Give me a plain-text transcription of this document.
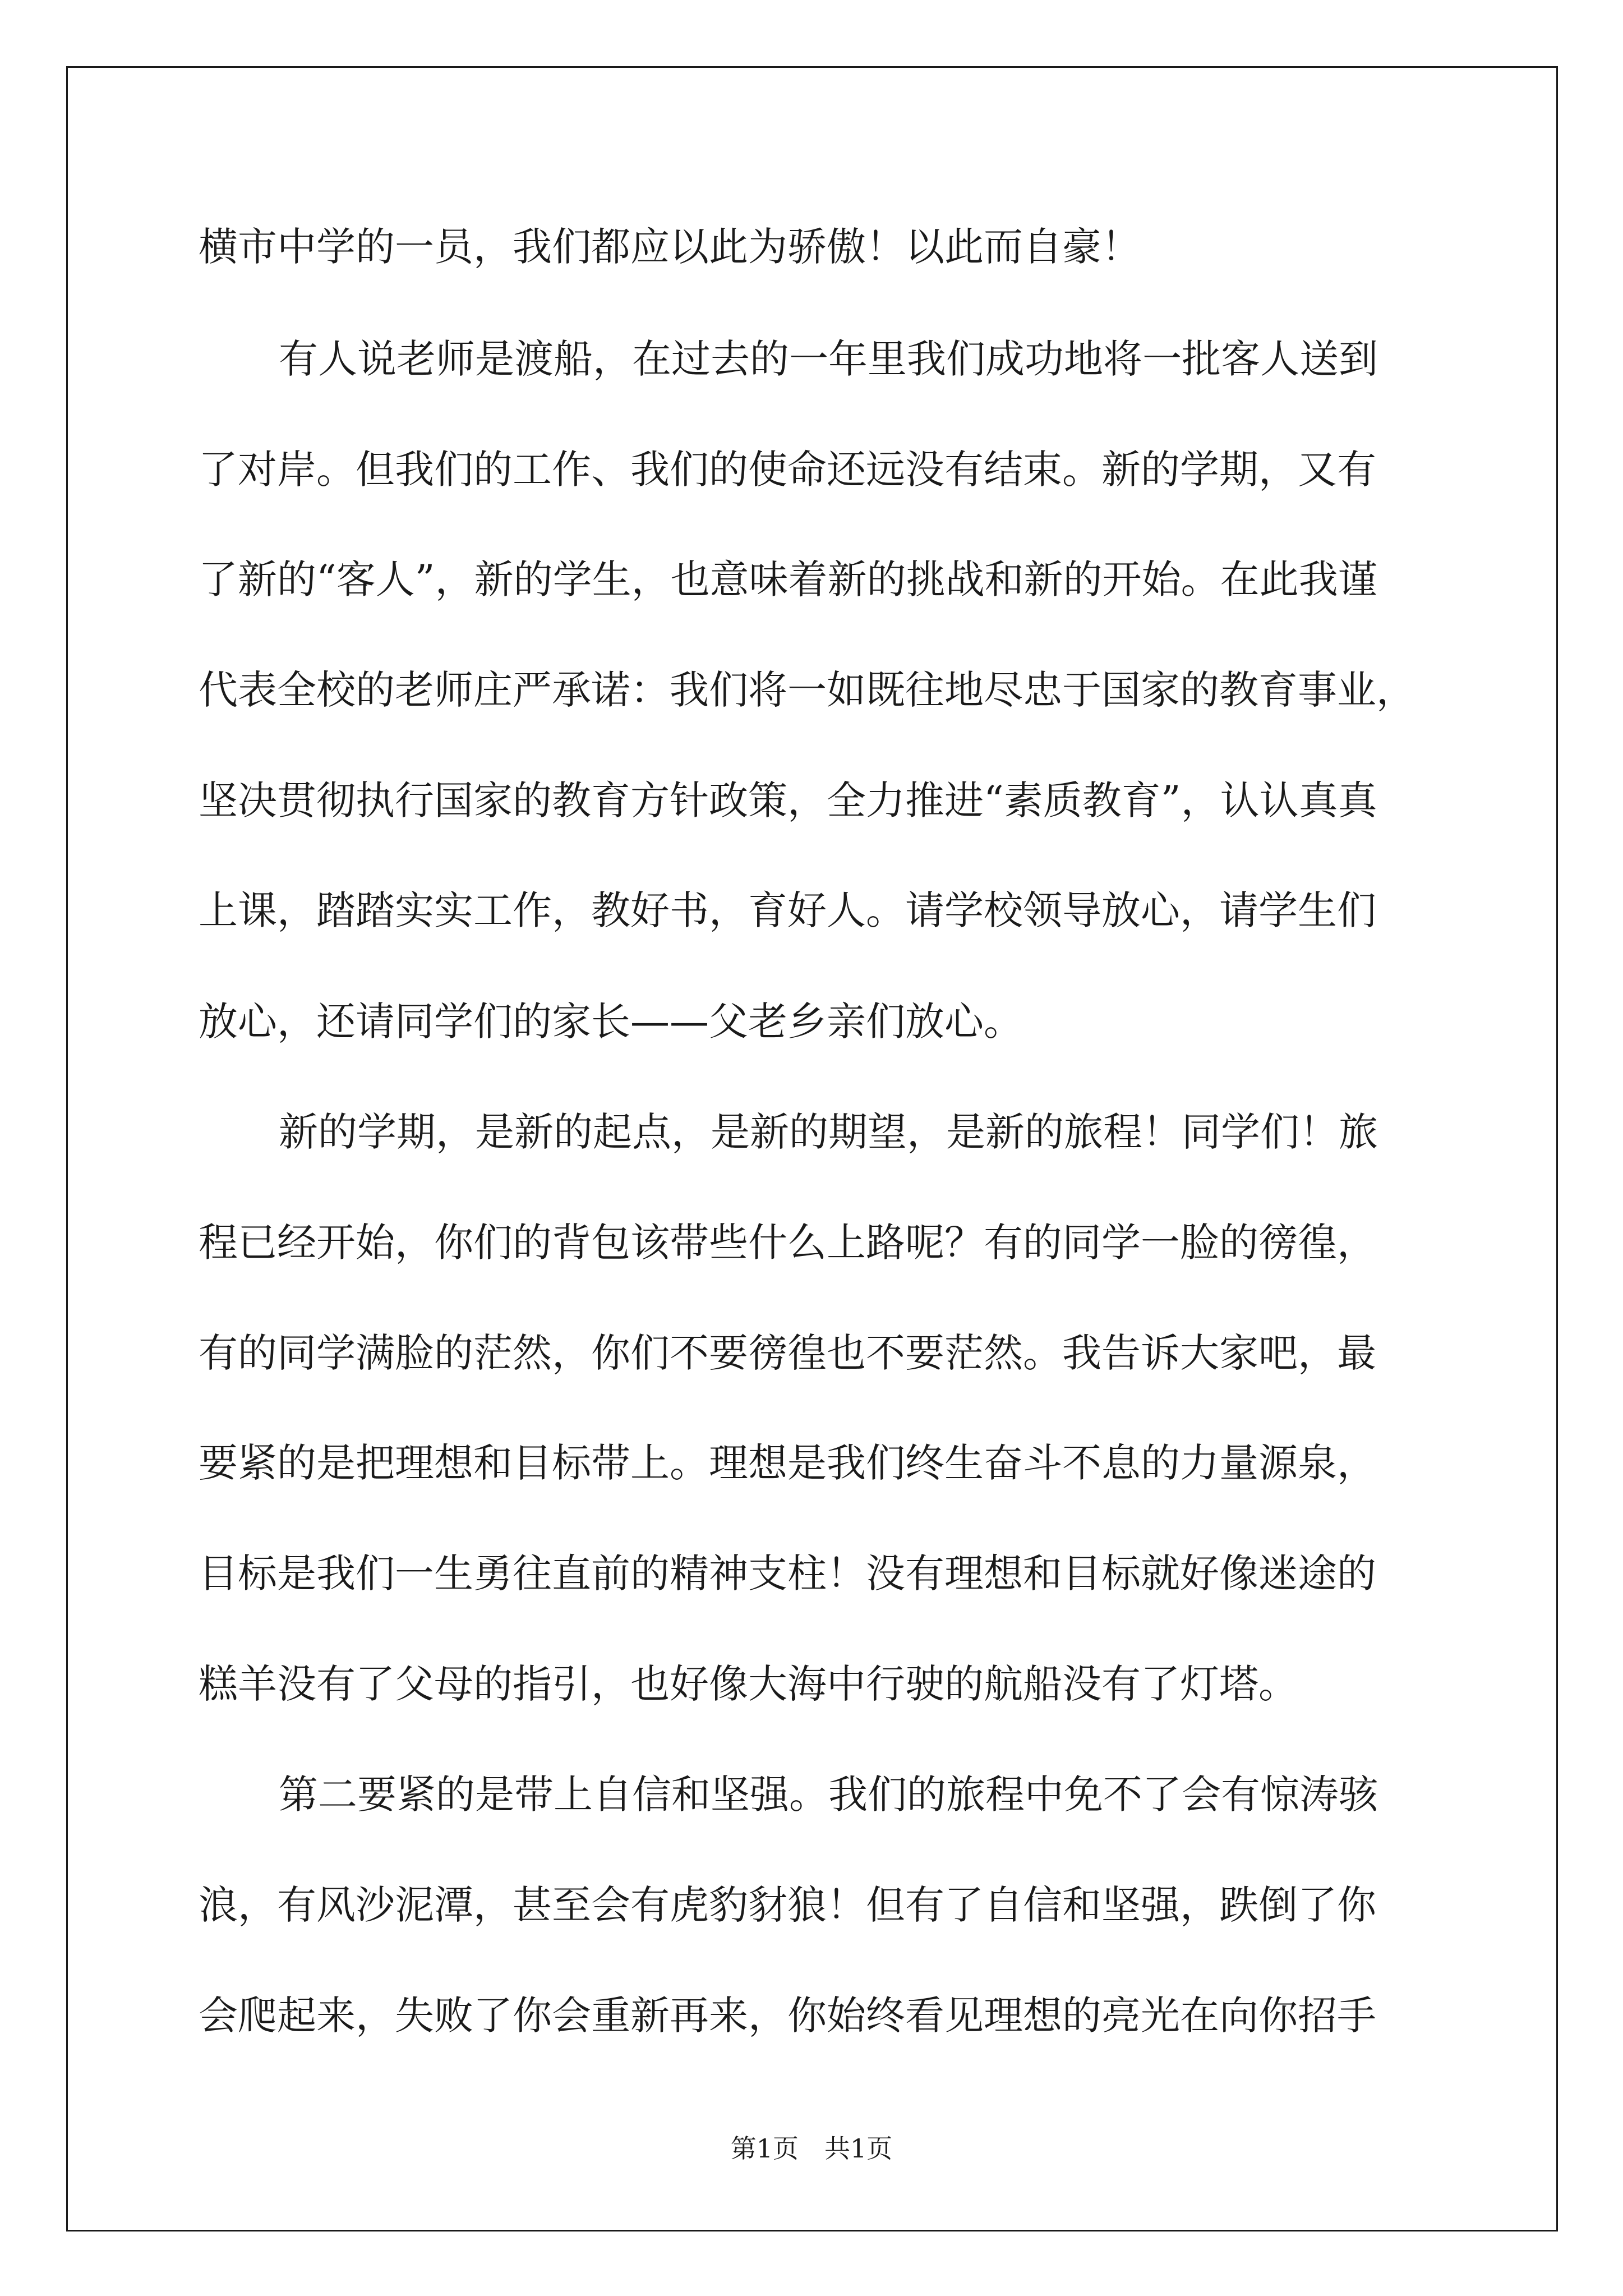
横市中学的一员，我们都应以此为骄傲！以此而自豪！
有人说老师是渡船，在过去的一年里我们成功地将一批客人送到
了对岸。但我们的工作、我们的使命还远没有结束。新的学期，又有
了新的“客人”，新的学生，也意味着新的挑战和新的开始。在此我谨
代表全校的老师庄严承诺：我们将一如既往地尽忠于国家的教育事业，
坚决贯彻执行国家的教育方针政策，全力推进“素质教育”，认认真真
上课，踏踏实实工作，教好书，育好人。请学校领导放心，请学生们
放心，还请同学们的家长——父老乡亲们放心。
新的学期，是新的起点，是新的期望，是新的旅程！同学们！旅
程已经开始，你们的背包该带些什么上路呢？有的同学一脸的徬徨，
有的同学满脸的茫然，你们不要徬徨也不要茫然。我告诉大家吧，最
要紧的是把理想和目标带上。理想是我们终生奋斗不息的力量源泉，
目标是我们一生勇往直前的精神支柱！没有理想和目标就好像迷途的
糕羊没有了父母的指引，也好像大海中行驶的航船没有了灯塔。
第二要紧的是带上自信和坚强。我们的旅程中免不了会有惊涛骇
浪，有风沙泥潭，甚至会有虎豹豺狼！但有了自信和坚强，跌倒了你
会爬起来，失败了你会重新再来，你始终看见理想的亮光在向你招手
第1页　共1页
